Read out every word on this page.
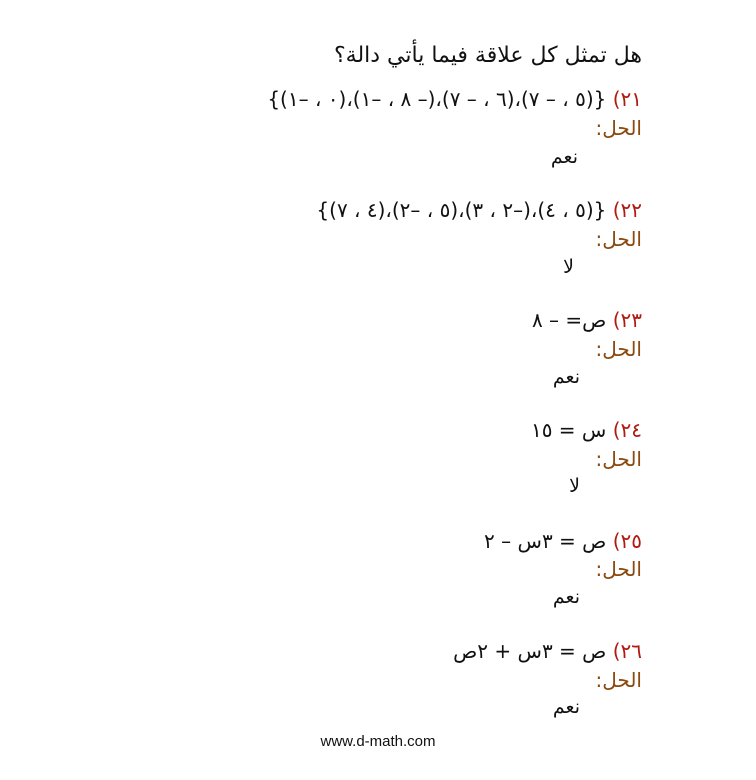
هل تمثل كل علاقة فيما يأتي دالة؟
٢١) {(٥ ، – ٧)،(٦ ، – ٧)،(– ٨ ، –١)،(٠ ، –١)}
الحل:
نعم
٢٢) {(٥ ، ٤)،(–٢ ، ٣)،(٥ ، –٢)،(٤ ، ٧)}
الحل:
لا
٢٣) ص= – ٨
الحل:
نعم
٢٤) س = ١٥
الحل:
لا
٢٥) ص = ٣س – ٢
الحل:
نعم
٢٦) ص = ٣س + ٢ص
الحل:
نعم
www.d-math.com
